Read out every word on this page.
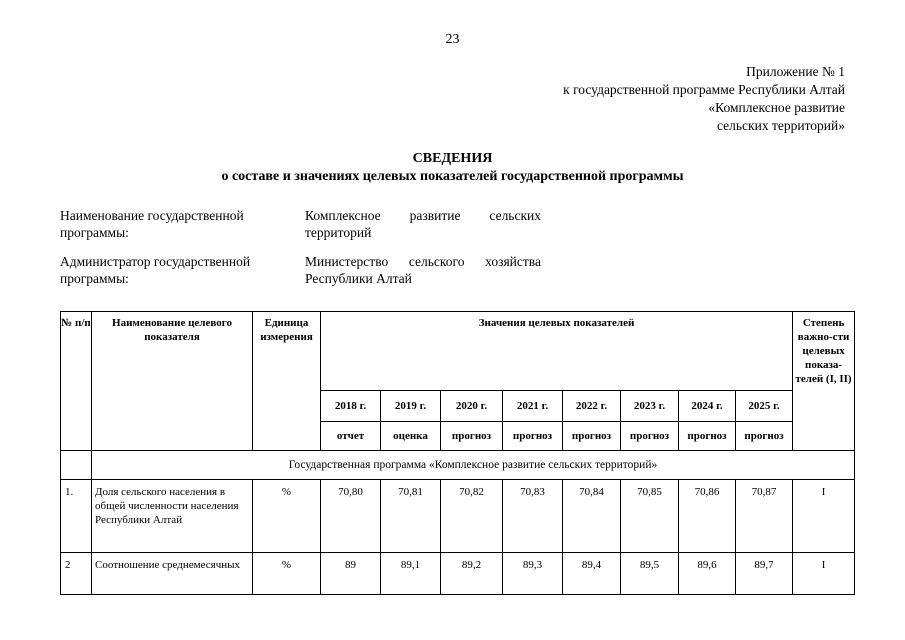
23
Приложение № 1
к государственной программе Республики Алтай
«Комплексное развитие
сельских территорий»
СВЕДЕНИЯ
о составе и значениях целевых показателей государственной программы
Наименование государственной
программы:
Комплексное развитие сельских территорий
Администратор государственной
программы:
Министерство сельского хозяйства Республики Алтай
№ п/п	Наименование целевого показателя	Единица измерения	Значения целевых показателей								Степень важно-сти целевых показа-телей (I, II)
			2018 г.	2019 г.	2020 г.	2021 г.	2022 г.	2023 г.	2024 г.	2025 г.	
			отчет	оценка	прогноз	прогноз	прогноз	прогноз	прогноз	прогноз	
	Государственная программа «Комплексное развитие сельских территорий»										
1.	Доля сельского населения в общей численности населения Республики Алтай	%	70,80	70,81	70,82	70,83	70,84	70,85	70,86	70,87	I
2	Соотношение среднемесячных	%	89	89,1	89,2	89,3	89,4	89,5	89,6	89,7	I
